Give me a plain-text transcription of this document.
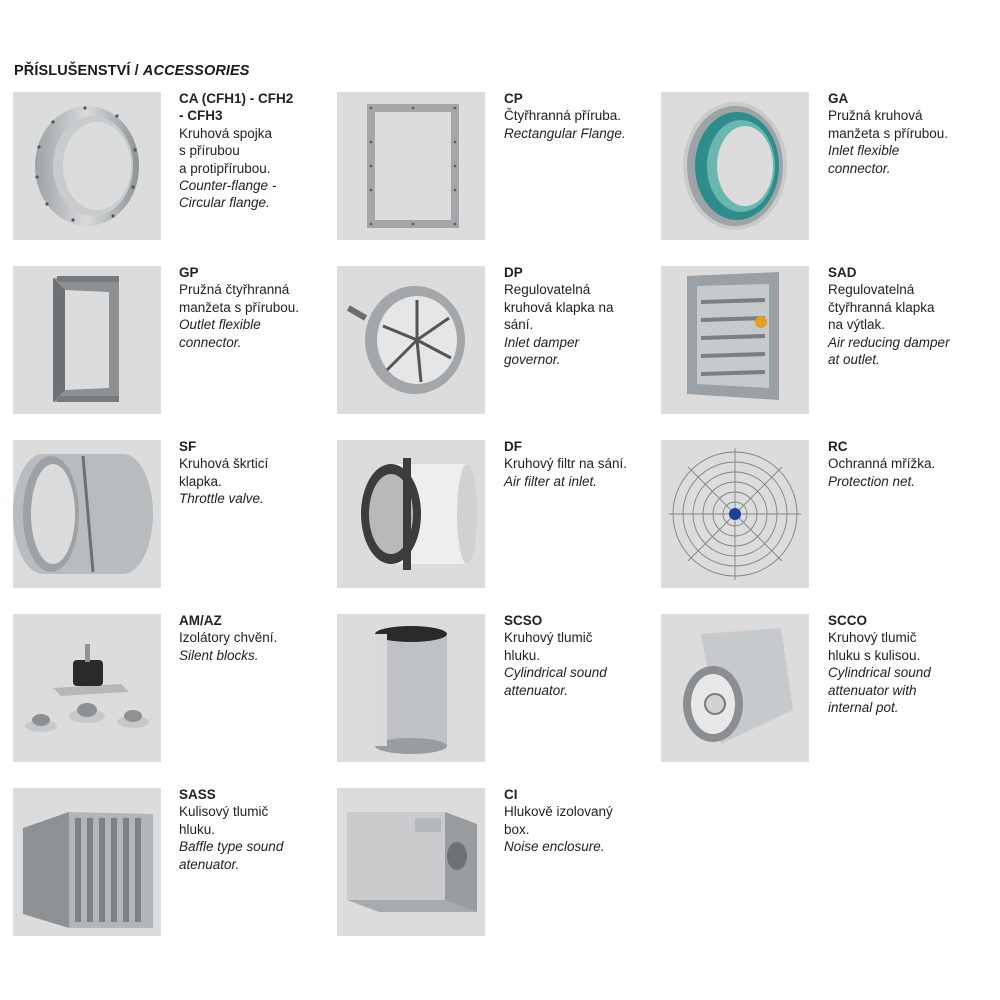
PŘÍSLUŠENSTVÍ / ACCESSORIES
CA (CFH1) - CFH2
- CFH3
Kruhová spojka
s přírubou
a protipřírubou.
Counter-flange -
Circular flange.
CP
Čtyřhranná příruba.
Rectangular Flange.
GA
Pružná kruhová
manžeta s přírubou.
Inlet flexible
connector.
GP
Pružná čtyřhranná
manžeta s přírubou.
Outlet flexible
connector.
DP
Regulovatelná
kruhová klapka na
sání.
Inlet damper
governor.
SAD
Regulovatelná
čtyřhranná klapka
na výtlak.
Air reducing damper
at outlet.
SF
Kruhová škrticí
klapka.
Throttle valve.
DF
Kruhový filtr na sání.
Air filter at inlet.
RC
Ochranná mřížka.
Protection net.
AM/AZ
Izolátory chvění.
Silent blocks.
SCSO
Kruhový tlumič
hluku.
Cylindrical sound
attenuator.
SCCO
Kruhový tlumič
hluku s kulisou.
Cylindrical sound
attenuator with
internal pot.
SASS
Kulisový tlumič
hluku.
Baffle type sound
atenuator.
CI
Hlukově izolovaný
box.
Noise enclosure.
